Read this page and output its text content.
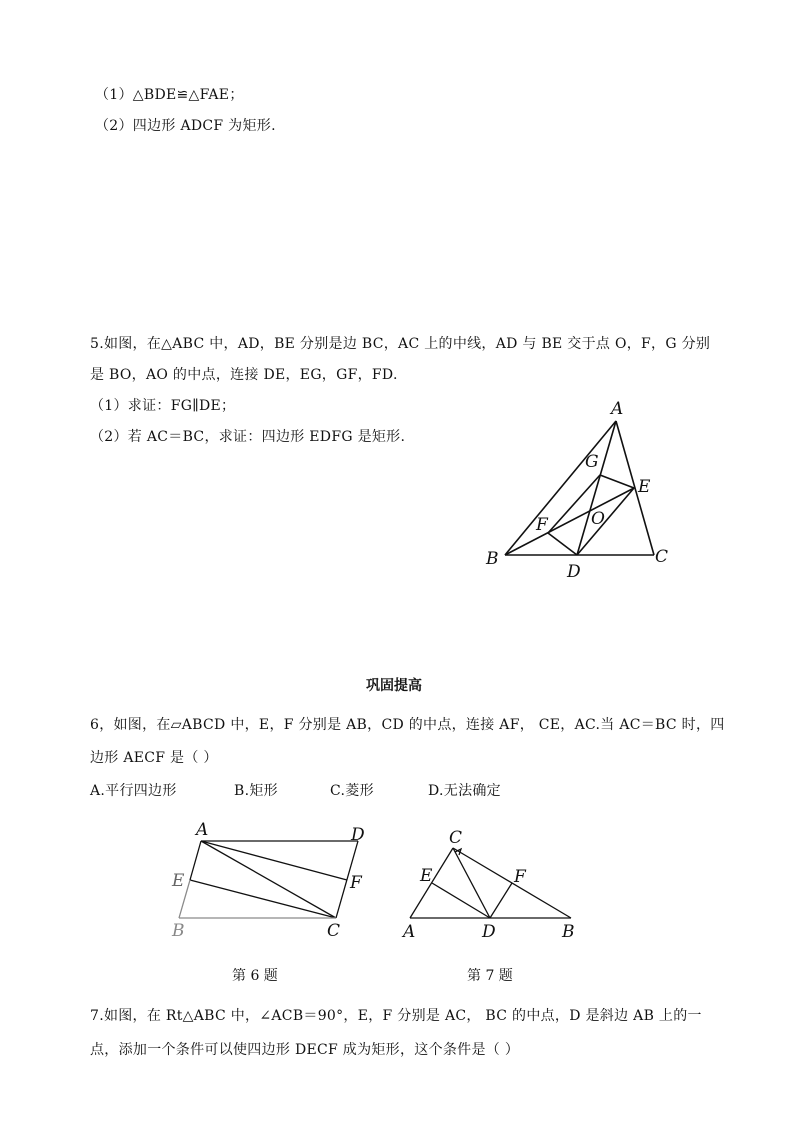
（1）△BDE≌△FAE；
（2）四边形 ADCF 为矩形.
5.如图，在△ABC 中，AD，BE 分别是边 BC，AC 上的中线，AD 与 BE 交于点 O，F，G 分别
是 BO，AO 的中点，连接 DE，EG，GF，FD.
（1）求证：FG∥DE；
（2）若 AC＝BC，求证：四边形 EDFG 是矩形.
A
G
E
F	O
B
D
C
巩固提高
6，如图，在▱ABCD 中，E，F 分别是 AB，CD 的中点，连接 AF， CE，AC.当 AC＝BC 时，四
边形 AECF 是（ ）
A.平行四边形	B.矩形	C.菱形	D.无法确定
A	D
E	F
B	C
C
E	F
A	D	B
第 6 题	第 7 题
7.如图，在 Rt△ABC 中，∠ACB＝90°，E，F 分别是 AC， BC 的中点，D 是斜边 AB 上的一
点，添加一个条件可以使四边形 DECF 成为矩形，这个条件是（ ）
